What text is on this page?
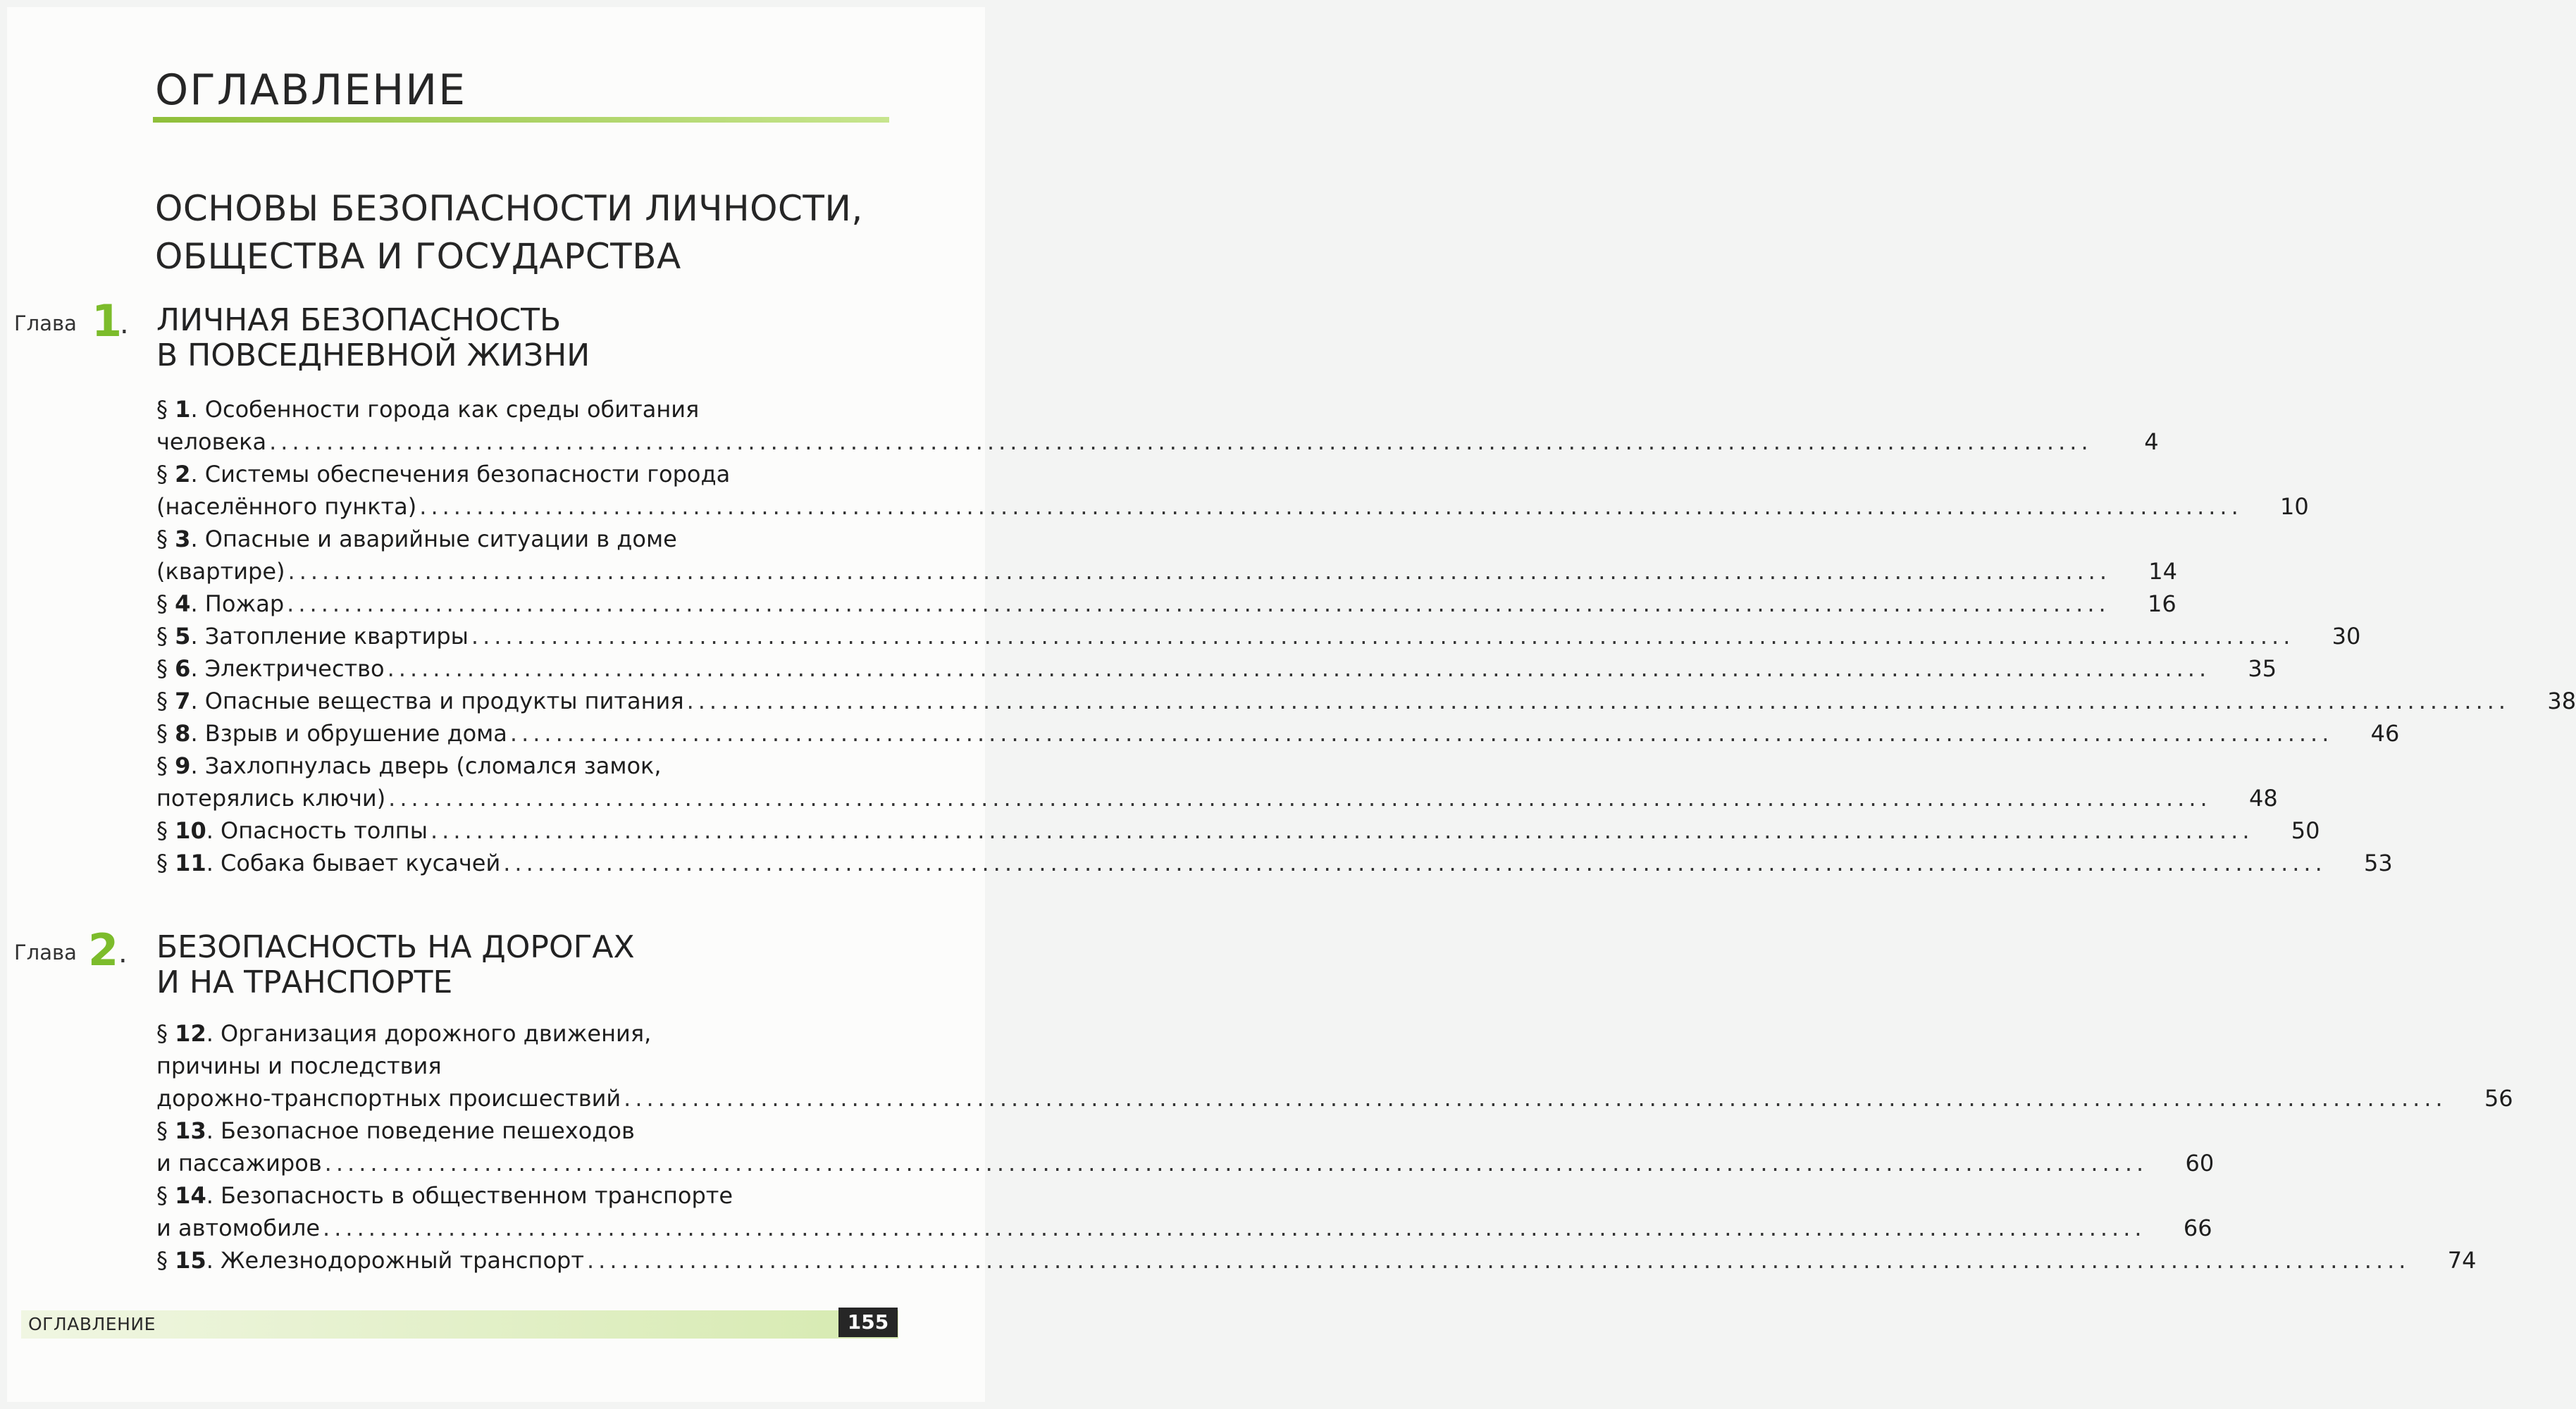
ОГЛАВЛЕНИЕ
ОСНОВЫ БЕЗОПАСНОСТИ ЛИЧНОСТИ,
ОБЩЕСТВА И ГОСУДАРСТВА
Глава 1
. ЛИЧНАЯ БЕЗОПАСНОСТЬ
В ПОВСЕДНЕВНОЙ ЖИЗНИ
§ 1. Особенности города как среды обитания
человека ................................................................................................................................................................	4
§ 2. Системы обеспечения безопасности города
(населённого пункта) ................................................................................................................................................................ 10
§ 3. Опасные и аварийные ситуации в доме
(квартире) ................................................................................................................................................................ 14
§ 4. Пожар ................................................................................................................................................................ 16
§ 5. Затопление квартиры ................................................................................................................................................................ 30
§ 6. Электричество ................................................................................................................................................................ 35
§ 7. Опасные вещества и продукты питания ................................................................................................................................................................ 38
§ 8. Взрыв и обрушение дома ................................................................................................................................................................ 46
§ 9. Захлопнулась дверь (сломался замок,
потерялись ключи) ................................................................................................................................................................ 48
§ 10. Опасность толпы ................................................................................................................................................................ 50
§ 11. Собака бывает кусачей ................................................................................................................................................................ 53
Глава 2 . БЕЗОПАСНОСТЬ НА ДОРОГАХ
И НА ТРАНСПОРТЕ
§ 12. Организация дорожного движения,
причины и последствия
дорожно-транспортных происшествий ................................................................................................................................................................ 56
§ 13. Безопасное поведение пешеходов
и пассажиров ................................................................................................................................................................ 60
§ 14. Безопасность в общественном транспорте
и автомобиле ................................................................................................................................................................ 66
§ 15. Железнодорожный транспорт ................................................................................................................................................................ 74
ОГЛАВЛЕНИЕ	155
